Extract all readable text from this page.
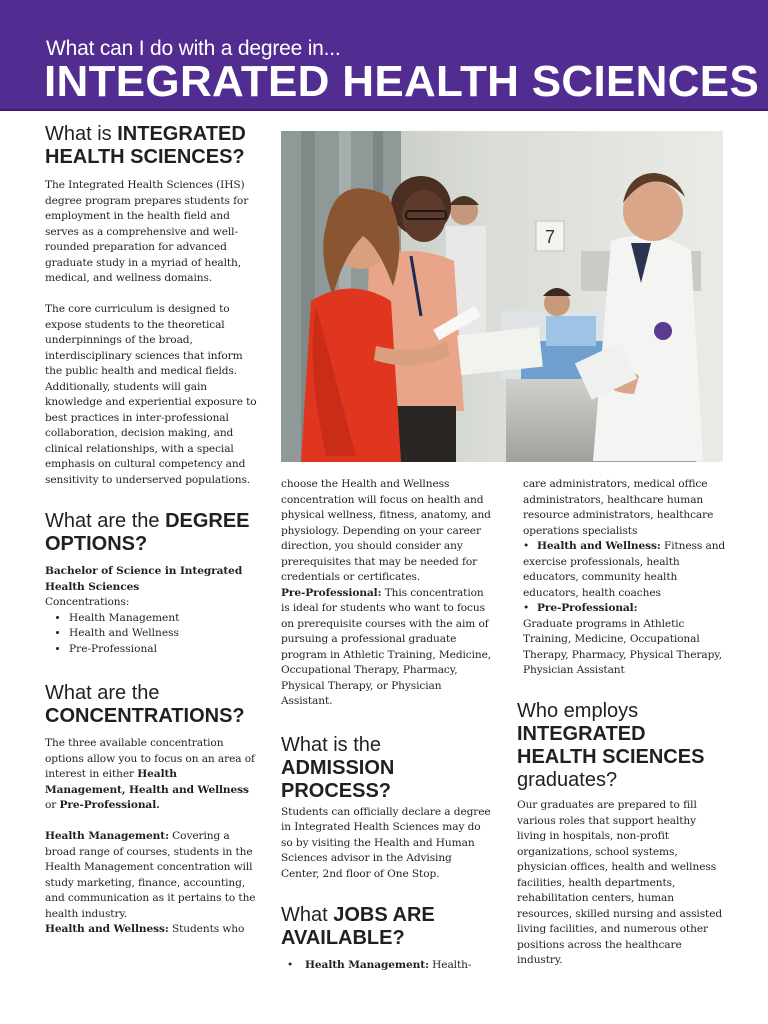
What can I do with a degree in...
INTEGRATED HEALTH SCIENCES
What is INTEGRATED
HEALTH SCIENCES?

The Integrated Health Sciences (IHS) degree program prepares students for employment in the health field and serves as a comprehensive and well-rounded preparation for advanced graduate study in a myriad of health, medical, and wellness domains.

The core curriculum is designed to expose students to the theoretical underpinnings of the broad, interdisciplinary sciences that inform the public health and medical fields. Additionally, students will gain knowledge and experiential exposure to best practices in inter-professional collaboration, decision making, and clinical relationships, with a special emphasis on cultural competency and sensitivity to underserved populations.

What are the DEGREE
OPTIONS?

Bachelor of Science in Integrated Health Sciences

Concentrations:

• Health Management
• Health and Wellness
• Pre-Professional
What are the
CONCENTRATIONS?

The three available concentration options allow you to focus on an area of interest in either Health Management, Health and Wellness or Pre-Professional.

Health Management: Covering a broad range of courses, students in the Health Management concentration will study marketing, finance, accounting, and communication as it pertains to the health industry.

Health and Wellness: Students who

7

choose the Health and Wellness concentration will focus on health and physical wellness, fitness, anatomy, and physiology. Depending on your career direction, you should consider any prerequisites that may be needed for credentials or certificates.

Pre-Professional: This concentration is ideal for students who want to focus on prerequisite courses with the aim of pursuing a professional graduate program in Athletic Training, Medicine, Occupational Therapy, Pharmacy, Physical Therapy, or Physician Assistant.

What is the
ADMISSION
PROCESS?

Students can officially declare a degree in Integrated Health Sciences may do so by visiting the Health and Human Sciences advisor in the Advising Center, 2nd floor of One Stop.

What JOBS ARE
AVAILABLE?

• Health Management: Health-

care administrators, medical office administrators, healthcare human resource administrators, healthcare operations specialists

• Health and Wellness: Fitness and exercise professionals, health educators, community health educators, health coaches

• Pre-Professional:

Graduate programs in Athletic Training, Medicine, Occupational Therapy, Pharmacy, Physical Therapy, Physician Assistant

Who employs
INTEGRATED
HEALTH SCIENCES
graduates?

Our graduates are prepared to fill various roles that support healthy living in hospitals, non-profit organizations, school systems, physician offices, health and wellness facilities, health departments, rehabilitation centers, human resources, skilled nursing and assisted living facilities, and numerous other positions across the healthcare industry.
